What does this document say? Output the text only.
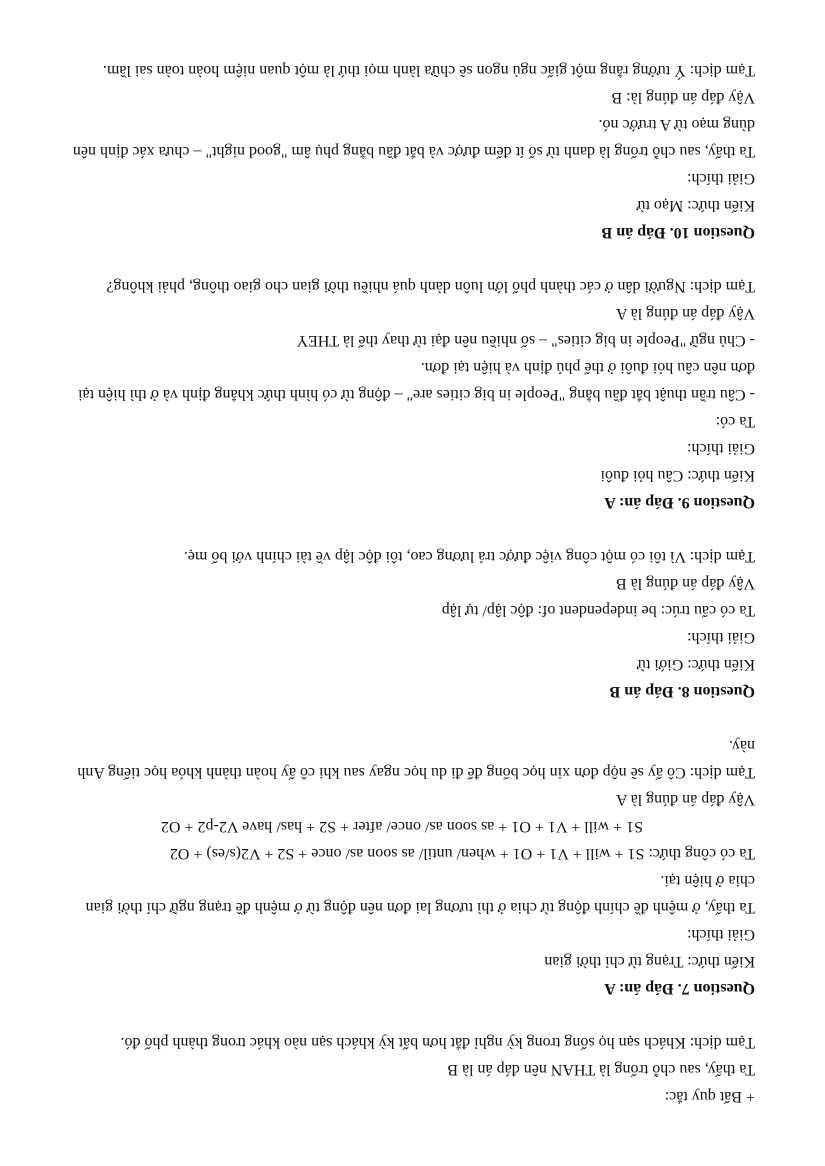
+ Bất quy tắc:
Ta thấy, sau chỗ trống là THAN nên đáp án là B
Tạm dịch: Khách sạn họ sống trong kỳ nghỉ đắt hơn bất kỳ khách sạn nào khác trong thành phố đó.
Question 7. Đáp án: A
Kiến thức: Trạng từ chỉ thời gian
Giải thích:
Ta thấy, ở mệnh đề chính động từ chia ở thì tương lai đơn nên động từ ở mệnh đề trạng ngữ chỉ thời gian chia ở hiện tại.
Ta có công thức: S1 + will + V1 + O1 + when/ until/ as soon as/ once + S2 + V2(s/es) + O2
S1 + will + V1 + O1 + as soon as/ once/ after + S2 + has/ have V2-p2 + O2
Vậy đáp án đúng là A
Tạm dịch: Cô ấy sẽ nộp đơn xin học bổng để đi du học ngay sau khi cô ấy hoàn thành khóa học tiếng Anh này.
Question 8. Đáp án B
Kiến thức: Giới từ
Giải thích:
Ta có cấu trúc: be independent of: độc lập/ tự lập
Vậy đáp án đúng là B
Tạm dịch: Vì tôi có một công việc được trả lương cao, tôi độc lập về tài chính với bố mẹ.
Question 9. Đáp án: A
Kiến thức: Câu hỏi đuôi
Giải thích:
Ta có:
- Câu trần thuật bắt đầu bằng "People in big cities are" – động từ có hình thức khẳng định và ở thì hiện tại đơn nên câu hỏi đuôi ở thể phủ định và hiện tại đơn.
- Chủ ngữ "People in big cities" – số nhiều nên đại từ thay thế là THEY
Vậy đáp án đúng là A
Tạm dịch: Người dân ở các thành phố lớn luôn dành quá nhiều thời gian cho giao thông, phải không?
Question 10. Đáp án B
Kiến thức: Mạo từ
Giải thích:
Ta thấy, sau chỗ trống là danh từ số ít đếm được và bắt đầu bằng phụ âm "good night" – chưa xác định nên dùng mạo từ A trước nó.
Vậy đáp án đúng là: B
Tạm dịch: Ý tưởng rằng một giấc ngủ ngon sẽ chữa lành mọi thứ là một quan niệm hoàn toàn sai lầm.
